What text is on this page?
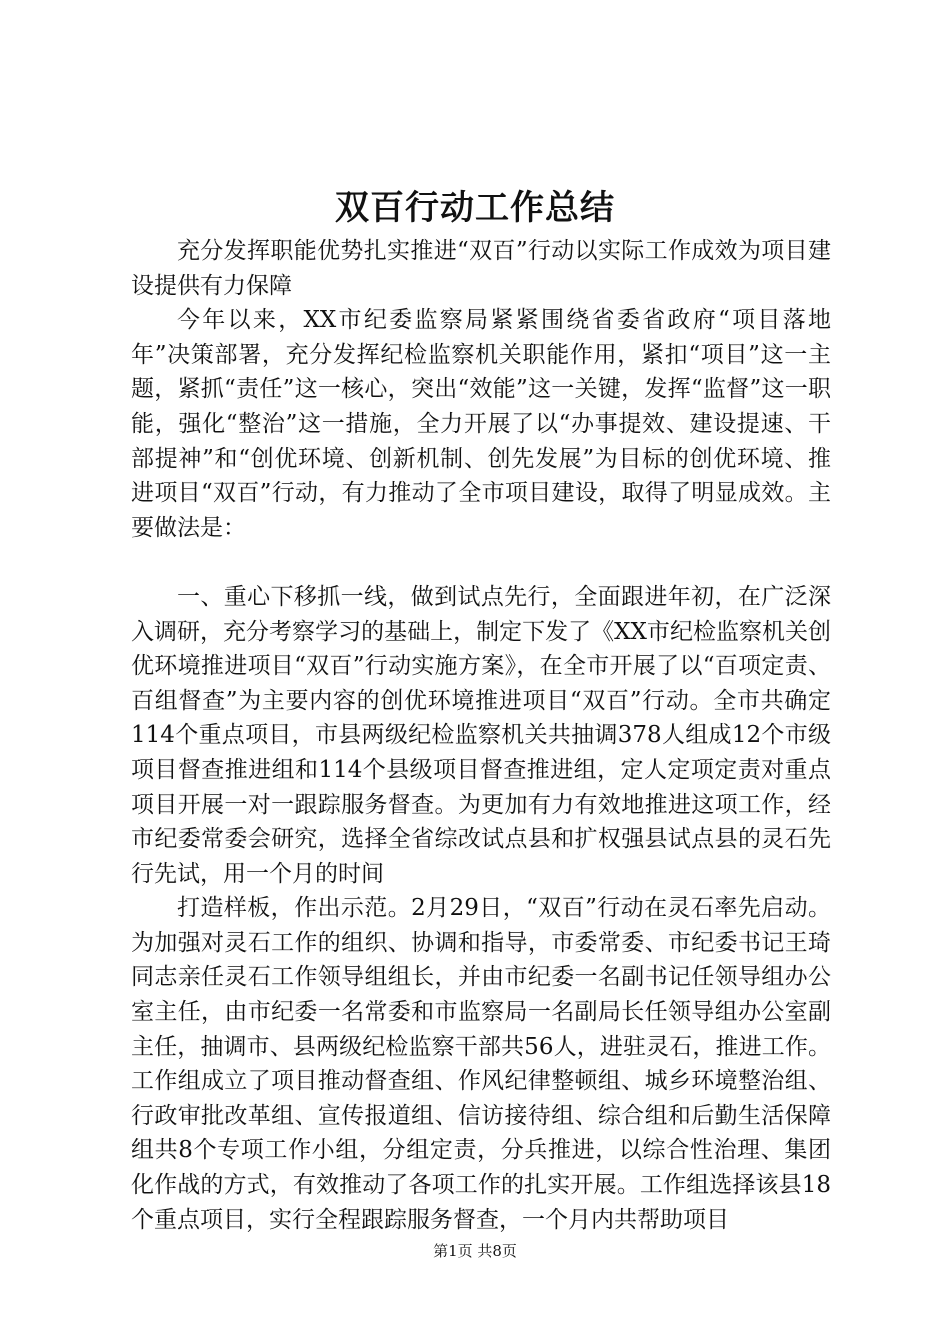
双百行动工作总结

充分发挥职能优势扎实推进“双百”行动以实际工作成效为项目建设提供有力保障

今年以来，XX市纪委监察局紧紧围绕省委省政府“项目落地年”决策部署，充分发挥纪检监察机关职能作用，紧扣“项目”这一主题，紧抓“责任”这一核心，突出“效能”这一关键，发挥“监督”这一职能，强化“整治”这一措施，全力开展了以“办事提效、建设提速、干部提神”和“创优环境、创新机制、创先发展”为目标的创优环境、推进项目“双百”行动，有力推动了全市项目建设，取得了明显成效。主要做法是：

一、重心下移抓一线，做到试点先行，全面跟进年初，在广泛深入调研，充分考察学习的基础上，制定下发了《XX市纪检监察机关创优环境推进项目“双百”行动实施方案》，在全市开展了以“百项定责、百组督查”为主要内容的创优环境推进项目“双百”行动。全市共确定114个重点项目，市县两级纪检监察机关共抽调378人组成12个市级项目督查推进组和114个县级项目督查推进组，定人定项定责对重点项目开展一对一跟踪服务督查。为更加有力有效地推进这项工作，经市纪委常委会研究，选择全省综改试点县和扩权强县试点县的灵石先行先试，用一个月的时间

打造样板，作出示范。2月29日，“双百”行动在灵石率先启动。为加强对灵石工作的组织、协调和指导，市委常委、市纪委书记王琦同志亲任灵石工作领导组组长，并由市纪委一名副书记任领导组办公室主任，由市纪委一名常委和市监察局一名副局长任领导组办公室副主任，抽调市、县两级纪检监察干部共56人，进驻灵石，推进工作。工作组成立了项目推动督查组、作风纪律整顿组、城乡环境整治组、行政审批改革组、宣传报道组、信访接待组、综合组和后勤生活保障组共8个专项工作小组，分组定责，分兵推进，以综合性治理、集团化作战的方式，有效推动了各项工作的扎实开展。工作组选择该县18个重点项目，实行全程跟踪服务督查，一个月内共帮助项目

第1页 共8页
